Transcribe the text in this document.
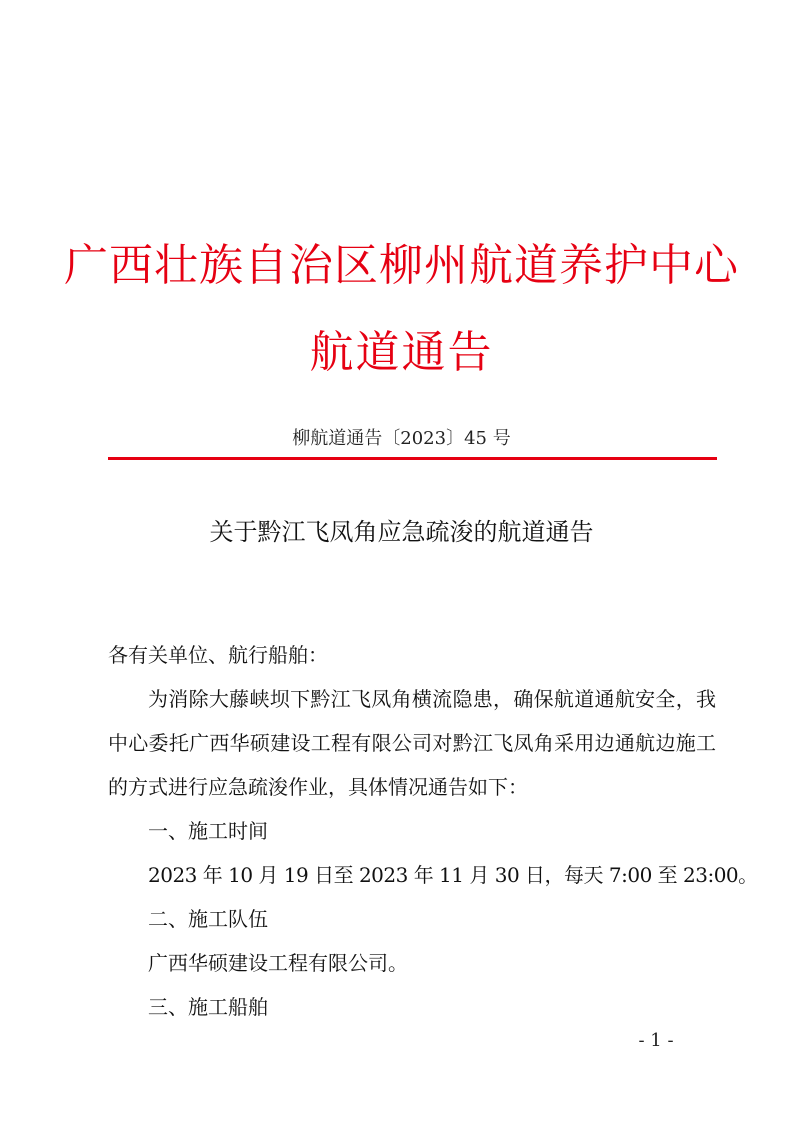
广西壮族自治区柳州航道养护中心
航道通告
柳航道通告〔2023〕45 号
关于黔江飞凤角应急疏浚的航道通告
各有关单位、航行船舶：
为消除大藤峡坝下黔江飞凤角横流隐患，确保航道通航安全，我中心委托广西华硕建设工程有限公司对黔江飞凤角采用边通航边施工的方式进行应急疏浚作业，具体情况通告如下：
一、施工时间
2023 年 10 月 19 日至 2023 年 11 月 30 日，每天 7:00 至 23:00。
二、施工队伍
广西华硕建设工程有限公司。
三、施工船舶
- 1 -
